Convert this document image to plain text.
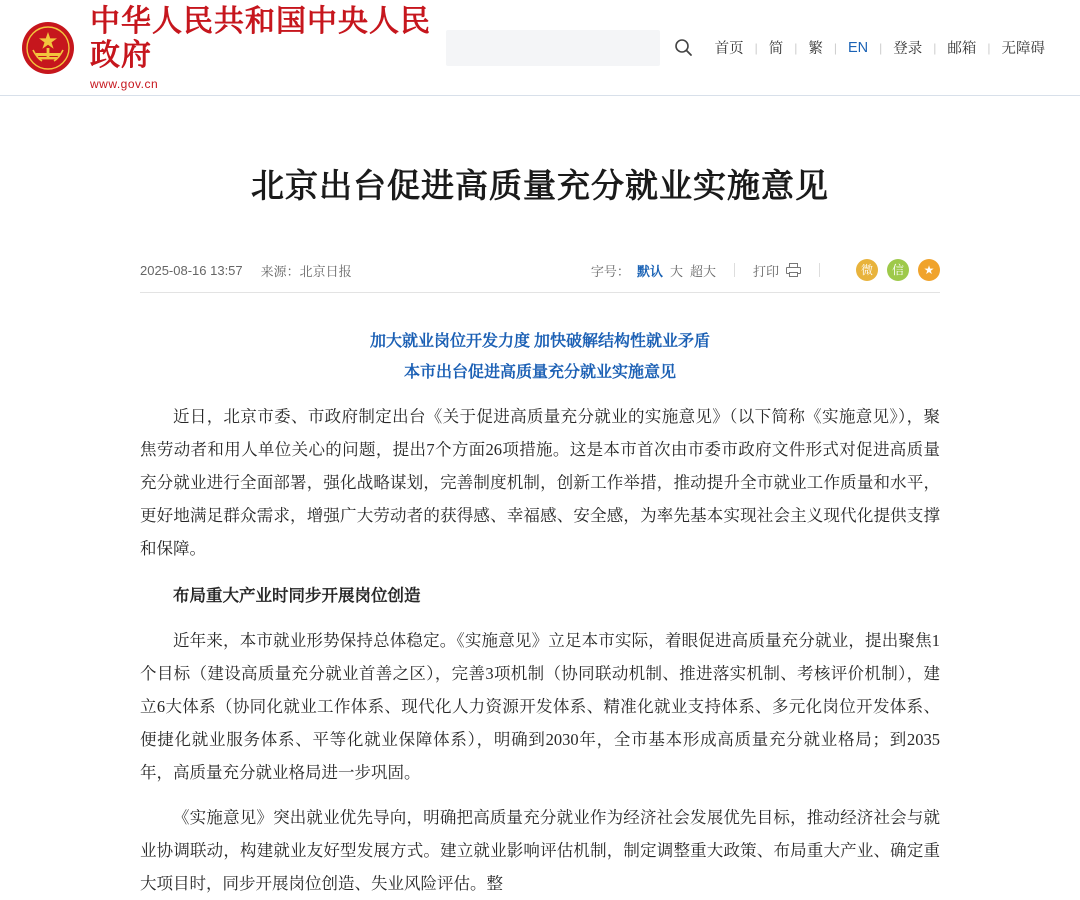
中华人民共和国中央人民政府
www.gov.cn
首页 | 简 | 繁 | EN | 登录 | 邮箱 | 无障碍
北京出台促进高质量充分就业实施意见
2025-08-16 13:57 来源：北京日报	字号： 默认 大 超大	打印	微	信	★
加大就业岗位开发力度 加快破解结构性就业矛盾
本市出台促进高质量充分就业实施意见

近日，北京市委、市政府制定出台《关于促进高质量充分就业的实施意见》（以下简称《实施意见》），聚焦劳动者和用人单位关心的问题，提出7个方面26项措施。这是本市首次由市委市政府文件形式对促进高质量充分就业进行全面部署，强化战略谋划，完善制度机制，创新工作举措，推动提升全市就业工作质量和水平，更好地满足群众需求，增强广大劳动者的获得感、幸福感、安全感，为率先基本实现社会主义现代化提供支撑和保障。

布局重大产业时同步开展岗位创造

近年来，本市就业形势保持总体稳定。《实施意见》立足本市实际，着眼促进高质量充分就业，提出聚焦1个目标（建设高质量充分就业首善之区），完善3项机制（协同联动机制、推进落实机制、考核评价机制），建立6大体系（协同化就业工作体系、现代化人力资源开发体系、精准化就业支持体系、多元化岗位开发体系、便捷化就业服务体系、平等化就业保障体系），明确到2030年，全市基本形成高质量充分就业格局；到2035年，高质量充分就业格局进一步巩固。

《实施意见》突出就业优先导向，明确把高质量充分就业作为经济社会发展优先目标，推动经济社会与就业协调联动，构建就业友好型发展方式。建立就业影响评估机制，制定调整重大政策、布局重大产业、确定重大项目时，同步开展岗位创造、失业风险评估。整
